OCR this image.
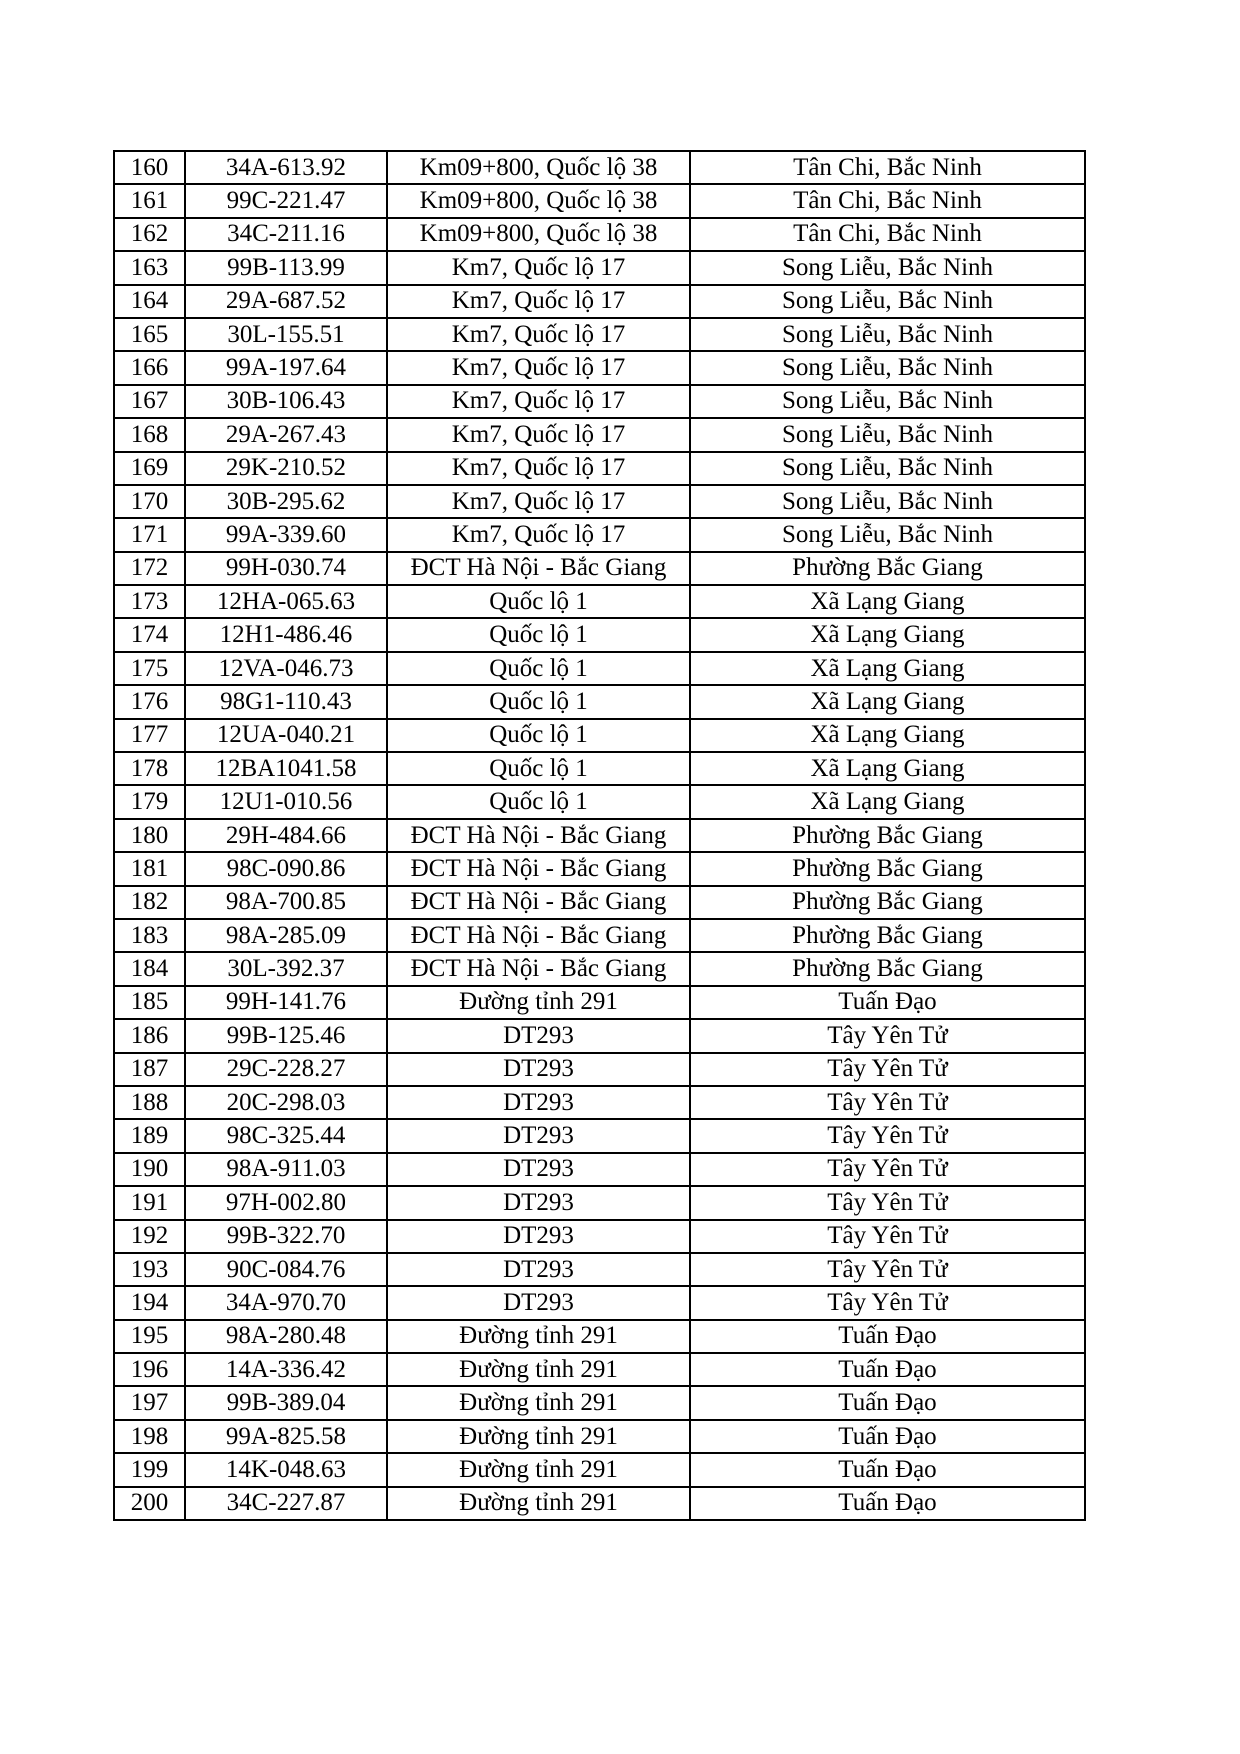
160	34A-613.92	Km09+800, Quốc lộ 38	Tân Chi, Bắc Ninh
161	99C-221.47	Km09+800, Quốc lộ 38	Tân Chi, Bắc Ninh
162	34C-211.16	Km09+800, Quốc lộ 38	Tân Chi, Bắc Ninh
163	99B-113.99	Km7, Quốc lộ 17	Song Liễu, Bắc Ninh
164	29A-687.52	Km7, Quốc lộ 17	Song Liễu, Bắc Ninh
165	30L-155.51	Km7, Quốc lộ 17	Song Liễu, Bắc Ninh
166	99A-197.64	Km7, Quốc lộ 17	Song Liễu, Bắc Ninh
167	30B-106.43	Km7, Quốc lộ 17	Song Liễu, Bắc Ninh
168	29A-267.43	Km7, Quốc lộ 17	Song Liễu, Bắc Ninh
169	29K-210.52	Km7, Quốc lộ 17	Song Liễu, Bắc Ninh
170	30B-295.62	Km7, Quốc lộ 17	Song Liễu, Bắc Ninh
171	99A-339.60	Km7, Quốc lộ 17	Song Liễu, Bắc Ninh
172	99H-030.74	ĐCT Hà Nội - Bắc Giang	Phường Bắc Giang
173	12HA-065.63	Quốc lộ 1	Xã Lạng Giang
174	12H1-486.46	Quốc lộ 1	Xã Lạng Giang
175	12VA-046.73	Quốc lộ 1	Xã Lạng Giang
176	98G1-110.43	Quốc lộ 1	Xã Lạng Giang
177	12UA-040.21	Quốc lộ 1	Xã Lạng Giang
178	12BA1041.58	Quốc lộ 1	Xã Lạng Giang
179	12U1-010.56	Quốc lộ 1	Xã Lạng Giang
180	29H-484.66	ĐCT Hà Nội - Bắc Giang	Phường Bắc Giang
181	98C-090.86	ĐCT Hà Nội - Bắc Giang	Phường Bắc Giang
182	98A-700.85	ĐCT Hà Nội - Bắc Giang	Phường Bắc Giang
183	98A-285.09	ĐCT Hà Nội - Bắc Giang	Phường Bắc Giang
184	30L-392.37	ĐCT Hà Nội - Bắc Giang	Phường Bắc Giang
185	99H-141.76	Đường tỉnh 291	Tuấn Đạo
186	99B-125.46	DT293	Tây Yên Tử
187	29C-228.27	DT293	Tây Yên Tử
188	20C-298.03	DT293	Tây Yên Tử
189	98C-325.44	DT293	Tây Yên Tử
190	98A-911.03	DT293	Tây Yên Tử
191	97H-002.80	DT293	Tây Yên Tử
192	99B-322.70	DT293	Tây Yên Tử
193	90C-084.76	DT293	Tây Yên Tử
194	34A-970.70	DT293	Tây Yên Tử
195	98A-280.48	Đường tỉnh 291	Tuấn Đạo
196	14A-336.42	Đường tỉnh 291	Tuấn Đạo
197	99B-389.04	Đường tỉnh 291	Tuấn Đạo
198	99A-825.58	Đường tỉnh 291	Tuấn Đạo
199	14K-048.63	Đường tỉnh 291	Tuấn Đạo
200	34C-227.87	Đường tỉnh 291	Tuấn Đạo
